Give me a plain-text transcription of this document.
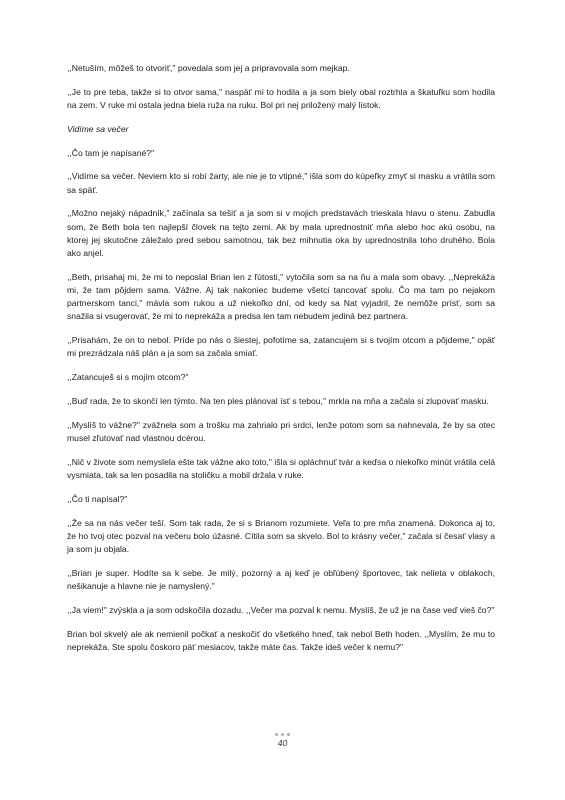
,,Netuším, môžeš to otvoriť," povedala som jej a pripravovala som mejkap.

,,Je to pre teba, takže si to otvor sama," naspäť mi to hodila a ja som biely obal roztrhla a škatuľku som hodila na zem. V ruke mi ostala jedna biela ruža na ruku. Bol pri nej priložený malý lístok.

Vidíme sa večer

,,Čo tam je napísané?"

,,Vidíme sa večer. Neviem kto si robí žarty, ale nie je to vtipné," išla som do kúpeľky zmyť si masku a vrátila som sa späť.

,,Možno nejaký nápadník," začínala sa tešiť a ja som si v mojich predstavách trieskala hlavu o stenu. Zabudla som, že Beth bola ten najlepší človek na tejto zemi. Ak by mala uprednostniť mňa alebo hoc akú osobu, na ktorej jej skutočne záležalo pred sebou samotnou, tak bez mihnutia oka by uprednostnila toho druhého. Bola ako anjel.

,,Beth, prisahaj mi, že mi to neposlal Brian len z ľútosti," vytočila som sa na ňu a mala som obavy. ,,Neprekáža mi, že tam pôjdem sama. Vážne. Aj tak nakoniec budeme všetci tancovať spolu. Čo ma tam po nejakom partnerskom tanci," mávla som rukou a už niekoľko dní, od kedy sa Nat vyjadril, že nemôže prísť, som sa snažila si vsugerovať, že mi to neprekáža a predsa len tam nebudem jediná bez partnera.

,,Prisahám, že on to nebol. Príde po nás o šiestej, pofotíme sa, zatancujem si s tvojím otcom a pôjdeme," opäť mi prezrádzala náš plán a ja som sa začala smiať.

,,Zatancuješ si s mojím otcom?"

,,Buď rada, že to skončí len týmto. Na ten ples plánoval ísť s tebou," mrkla na mňa a začala si zlupovať masku.

,,Myslíš to vážne?" zvážnela som a trošku ma zahrialo pri srdci, lenže potom som sa nahnevala, že by sa otec musel zľutovať nad vlastnou dcérou.

,,Nič v živote som nemyslela ešte tak vážne ako toto," išla si opláchnuť tvár a keďsa o niekoľko minút vrátila celá vysmiata, tak sa len posadila na stoličku a mobil držala v ruke.

,,Čo ti napísal?"

,,Že sa na nás večer teší. Som tak rada, že si s Brianom rozumiete. Veľa to pre mňa znamená. Dokonca aj to, že ho tvoj otec pozval na večeru bolo úžasné. Cítila som sa skvelo. Bol to krásny večer," začala si česať vlasy a ja som ju objala.

,,Brian je super. Hodíte sa k sebe. Je milý, pozorný a aj keď je obľúbený športovec, tak nelieta v oblakoch, nešikanuje a hlavne nie je namyslený."

,,Ja viem!" zvýskla a ja som odskočila dozadu. ,,Večer ma pozval k nemu. Myslíš, že už je na čase veď vieš čo?"

Brian bol skvelý ale ak nemienil počkať a neskočiť do všetkého hneď, tak nebol Beth hoden. ,,Myslím, že mu to neprekáža. Ste spolu čoskoro päť mesiacov, takže máte čas. Takže ideš večer k nemu?"

40
